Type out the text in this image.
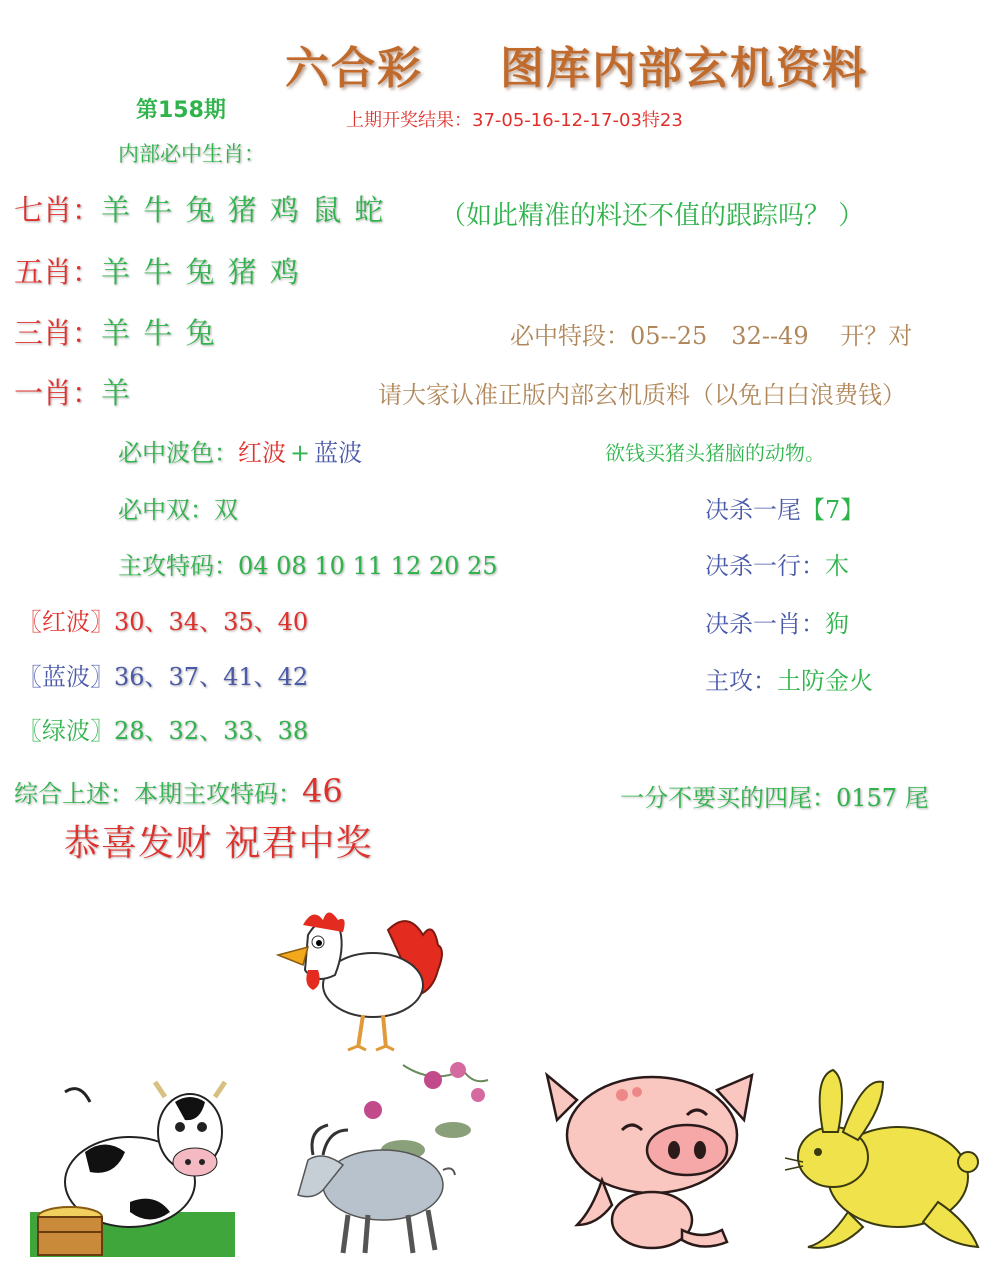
六合彩 图库内部玄机资料
第158期	上期开奖结果：37-05-16-12-17-03特23
内部必中生肖：
七肖：羊 牛 兔 猪 鸡 鼠 蛇 （如此精准的料还不值的跟踪吗？ ）
五肖：羊 牛 兔 猪 鸡
三肖：羊 牛 兔	必中特段：05--25　32--49　 开？对
一肖：羊	请大家认准正版内部玄机质料（以免白白浪费钱）
必中波色：红波 + 蓝波	欲钱买猪头猪脑的动物。
必中双：双	决杀一尾【7】
主攻特码：04 08 10 11 12 20 25	决杀一行：木
〖红波〗30、34、35、40	决杀一肖：狗
〖蓝波〗36、37、41、42	主攻：土防金火
〖绿波〗28、32、33、38
综合上述：本期主攻特码：46	一分不要买的四尾：0157 尾
恭喜发财 祝君中奖
